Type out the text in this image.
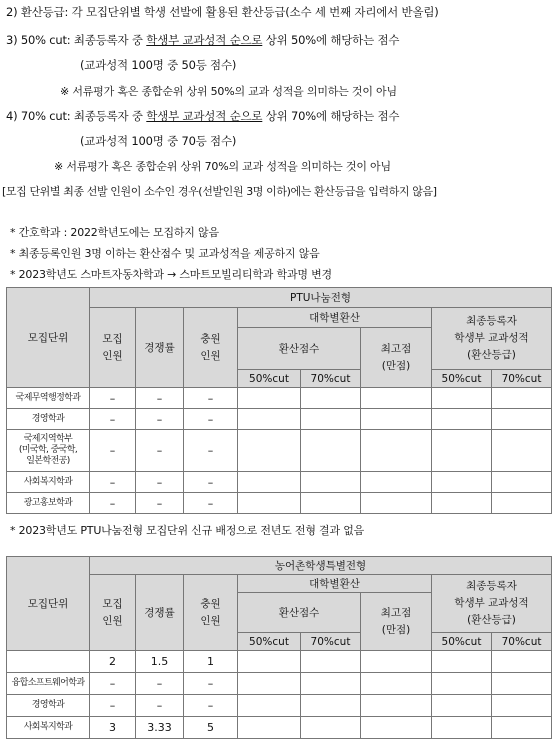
2) 환산등급: 각 모집단위별 학생 선발에 활용된 환산등급(소수 세 번째 자리에서 반올림)
3) 50% cut: 최종등록자 중 학생부 교과성적 순으로 상위 50%에 해당하는 점수
(교과성적 100명 중 50등 점수)
※ 서류평가 혹은 종합순위 상위 50%의 교과 성적을 의미하는 것이 아님
4) 70% cut: 최종등록자 중 학생부 교과성적 순으로 상위 70%에 해당하는 점수
(교과성적 100명 중 70등 점수)
※ 서류평가 혹은 종합순위 상위 70%의 교과 성적을 의미하는 것이 아님
[모집 단위별 최종 선발 인원이 소수인 경우(선발인원 3명 이하)에는 환산등급을 입력하지 않음]
* 간호학과 : 2022학년도에는 모집하지 않음
* 최종등록인원 3명 이하는 환산점수 및 교과성적을 제공하지 않음
* 2023학년도 스마트자동차학과 → 스마트모빌리티학과 학과명 변경
모집단위	PTU나눔전형							
	모집
인원	경쟁률	충원
인원	대학별환산			최종등록자
학생부 교과성적
(환산등급)	
				환산점수		최고점
(만점)		
				50%cut	70%cut		50%cut	70%cut
국제무역행정학과	–	–	–					
경영학과	–	–	–					
국제지역학부
(미국학, 중국학,
일본학전공)	–	–	–					
사회복지학과	–	–	–					
광고홍보학과	–	–	–					
* 2023학년도 PTU나눔전형 모집단위 신규 배정으로 전년도 전형 결과 없음
모집단위	농어촌학생특별전형							
	모집
인원	경쟁률	충원
인원	대학별환산			최종등록자
학생부 교과성적
(환산등급)	
				환산점수		최고점
(만점)		
				50%cut	70%cut		50%cut	70%cut
	2	1.5	1					
융합소프트웨어학과	–	–	–					
경영학과	–	–	–					
사회복지학과	3	3.33	5					
